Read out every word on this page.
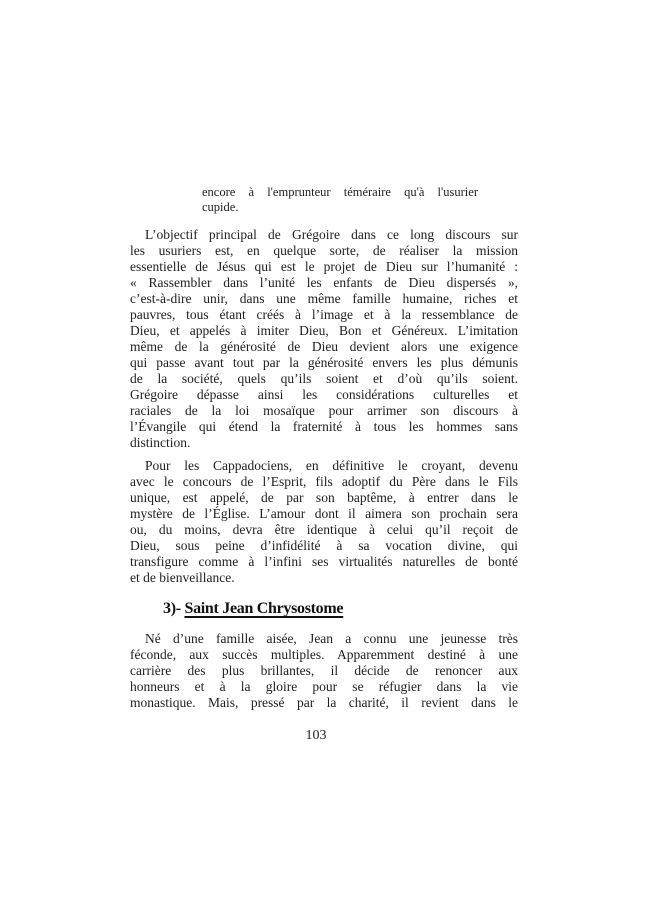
encore à l'emprunteur téméraire qu'à l'usurier
cupide.
L’objectif principal de Grégoire dans ce long discours sur
les usuriers est, en quelque sorte, de réaliser la mission
essentielle de Jésus qui est le projet de Dieu sur l’humanité :
« Rassembler dans l’unité les enfants de Dieu dispersés »,
c’est-à-dire unir, dans une même famille humaine, riches et
pauvres, tous étant créés à l’image et à la ressemblance de
Dieu, et appelés à imiter Dieu, Bon et Généreux. L’imitation
même de la générosité de Dieu devient alors une exigence
qui passe avant tout par la générosité envers les plus démunis
de la société, quels qu’ils soient et d’où qu’ils soient.
Grégoire dépasse ainsi les considérations culturelles et
raciales de la loi mosaïque pour arrimer son discours à
l’Évangile qui étend la fraternité à tous les hommes sans
distinction.
Pour les Cappadociens, en définitive le croyant, devenu
avec le concours de l’Esprit, fils adoptif du Père dans le Fils
unique, est appelé, de par son baptême, à entrer dans le
mystère de l’Église. L’amour dont il aimera son prochain sera
ou, du moins, devra être identique à celui qu’il reçoit de
Dieu, sous peine d’infidélité à sa vocation divine, qui
transfigure comme à l’infini ses virtualités naturelles de bonté
et de bienveillance.
3)- Saint Jean Chrysostome
Né d’une famille aisée, Jean a connu une jeunesse très
féconde, aux succès multiples. Apparemment destiné à une
carrière des plus brillantes, il décide de renoncer aux
honneurs et à la gloire pour se réfugier dans la vie
monastique. Mais, pressé par la charité, il revient dans le
103
